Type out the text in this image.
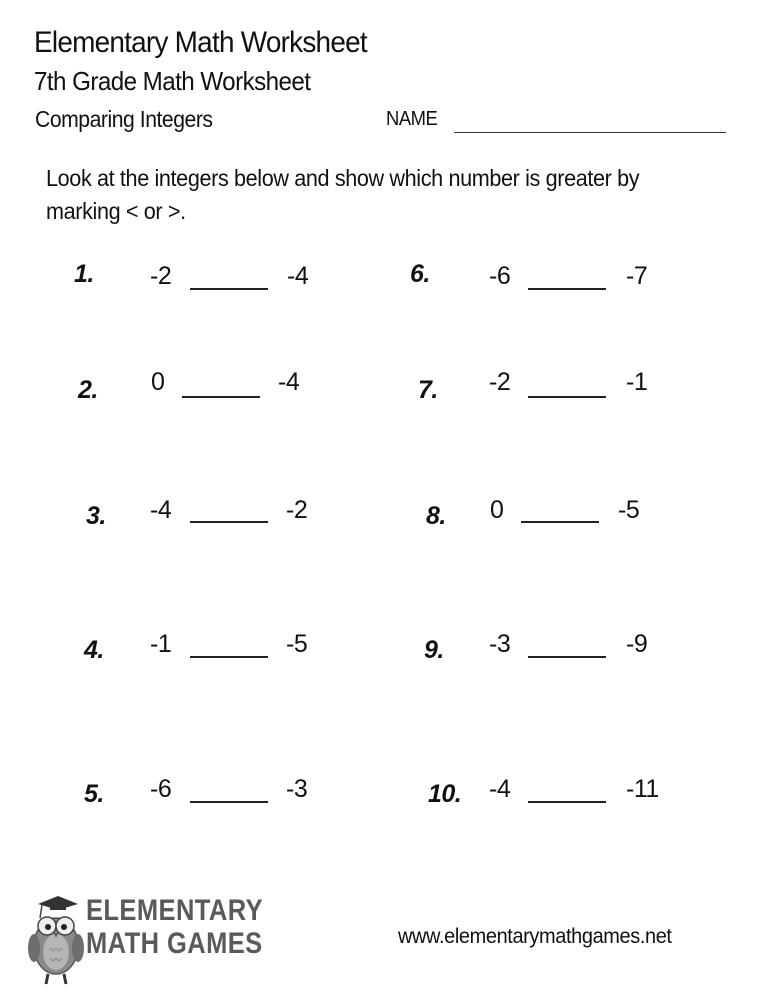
Elementary Math Worksheet
7th Grade Math Worksheet
Comparing Integers	NAME
Look at the integers below and show which number is greater by marking < or >.
1. -2	-4
2. 0	-4
3. -4	-2
4. -1	-5
5. -6	-3
6. -6	-7
7. -2	-1
8. 0	-5
9. -3	-9
10. -4	-11
ELEMENTARY
MATH GAMES	www.elementarymathgames.net
